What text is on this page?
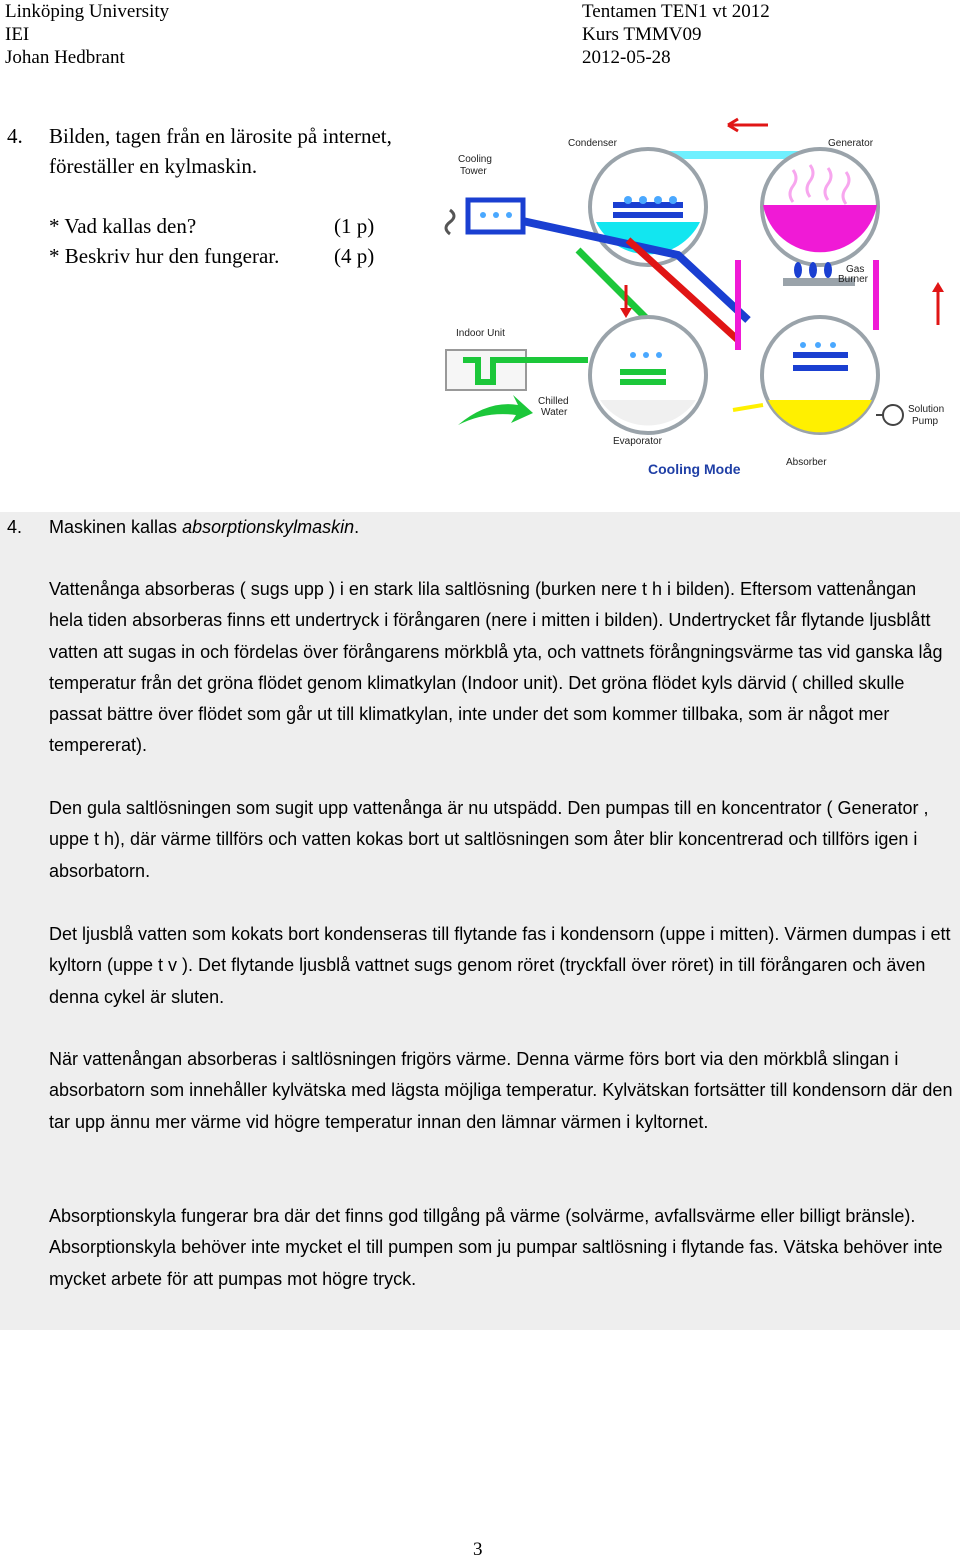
Linköping University
IEI
Johan Hedbrant
Tentamen TEN1 vt 2012
Kurs TMMV09
2012-05-28
4. Bilden, tagen från en lärosite på internet, föreställer en kylmaskin.
* Vad kallas den?	(1 p)
* Beskriv hur den fungerar.	(4 p)
Gas
Burner
Cooling
Tower
Condenser	Generator
Indoor Unit
Chilled
Water
Evaporator
Absorber
Solution
Pump
Cooling Mode
4. Maskinen kallas absorptionskylmaskin.
Vattenånga absorberas ( sugs upp ) i en stark lila saltlösning (burken nere t h i bilden). Eftersom vattenångan hela tiden absorberas finns ett undertryck i förångaren (nere i mitten i bilden). Undertrycket får flytande ljusblått vatten att sugas in och fördelas över förångarens mörkblå yta, och vattnets förångningsvärme tas vid ganska låg temperatur från det gröna flödet genom klimatkylan (Indoor unit). Det gröna flödet kyls därvid ( chilled skulle passat bättre över flödet som går ut till klimatkylan, inte under det som kommer tillbaka, som är något mer tempererat).
Den gula saltlösningen som sugit upp vattenånga är nu utspädd. Den pumpas till en koncentrator ( Generator , uppe t h), där värme tillförs och vatten kokas bort ut saltlösningen som åter blir koncentrerad och tillförs igen i absorbatorn.
Det ljusblå vatten som kokats bort kondenseras till flytande fas i kondensorn (uppe i mitten). Värmen dumpas i ett kyltorn (uppe t v ). Det flytande ljusblå vattnet sugs genom röret (tryckfall över röret) in till förångaren och även denna cykel är sluten.
När vattenångan absorberas i saltlösningen frigörs värme. Denna värme förs bort via den mörkblå slingan i absorbatorn som innehåller kylvätska med lägsta möjliga temperatur. Kylvätskan fortsätter till kondensorn där den tar upp ännu mer värme vid högre temperatur innan den lämnar värmen i kyltornet.
Absorptionskyla fungerar bra där det finns god tillgång på värme (solvärme, avfallsvärme eller billigt bränsle). Absorptionskyla behöver inte mycket el till pumpen som ju pumpar saltlösning i flytande fas. Vätska behöver inte mycket arbete för att pumpas mot högre tryck.
3
